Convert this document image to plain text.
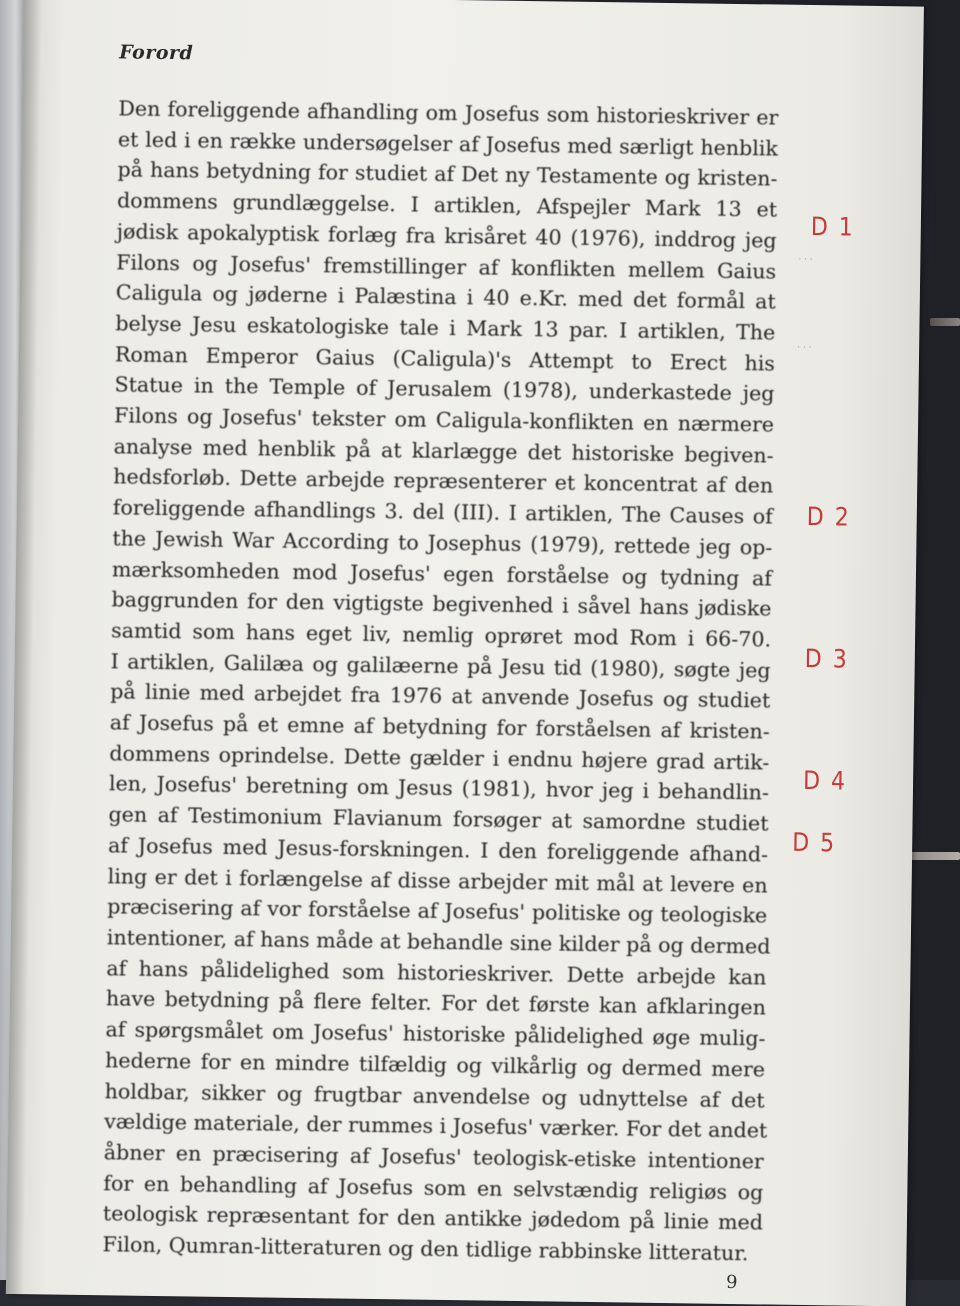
Forord
Den foreliggende afhandling om Josefus som historieskriver er
et led i en række undersøgelser af Josefus med særligt henblik
på hans betydning for studiet af Det ny Testamente og kristen-
dommens grundlæggelse. I artiklen, Afspejler Mark 13 et
jødisk apokalyptisk forlæg fra krisåret 40 (1976), inddrog jeg
Filons og Josefus' fremstillinger af konflikten mellem Gaius
Caligula og jøderne i Palæstina i 40 e.Kr. med det formål at
belyse Jesu eskatologiske tale i Mark 13 par. I artiklen, The
Roman Emperor Gaius (Caligula)'s Attempt to Erect his
Statue in the Temple of Jerusalem (1978), underkastede jeg
Filons og Josefus' tekster om Caligula-konflikten en nærmere
analyse med henblik på at klarlægge det historiske begiven-
hedsforløb. Dette arbejde repræsenterer et koncentrat af den
foreliggende afhandlings 3. del (III). I artiklen, The Causes of
the Jewish War According to Josephus (1979), rettede jeg op-
mærksomheden mod Josefus' egen forståelse og tydning af
baggrunden for den vigtigste begivenhed i såvel hans jødiske
samtid som hans eget liv, nemlig oprøret mod Rom i 66-70.
I artiklen, Galilæa og galilæerne på Jesu tid (1980), søgte jeg
på linie med arbejdet fra 1976 at anvende Josefus og studiet
af Josefus på et emne af betydning for forståelsen af kristen-
dommens oprindelse. Dette gælder i endnu højere grad artik-
len, Josefus' beretning om Jesus (1981), hvor jeg i behandlin-
gen af Testimonium Flavianum forsøger at samordne studiet
af Josefus med Jesus-forskningen. I den foreliggende afhand-
ling er det i forlængelse af disse arbejder mit mål at levere en
præcisering af vor forståelse af Josefus' politiske og teologiske
intentioner, af hans måde at behandle sine kilder på og dermed
af hans pålidelighed som historieskriver. Dette arbejde kan
have betydning på flere felter. For det første kan afklaringen
af spørgsmålet om Josefus' historiske pålidelighed øge mulig-
hederne for en mindre tilfældig og vilkårlig og dermed mere
holdbar, sikker og frugtbar anvendelse og udnyttelse af det
vældige materiale, der rummes i Josefus' værker. For det andet
åbner en præcisering af Josefus' teologisk-etiske intentioner
for en behandling af Josefus som en selvstændig religiøs og
teologisk repræsentant for den antikke jødedom på linie med
Filon, Qumran-litteraturen og den tidlige rabbinske litteratur.
· · ·
· · ·
D 1
D 2
D 3
D 4
D 5
9
